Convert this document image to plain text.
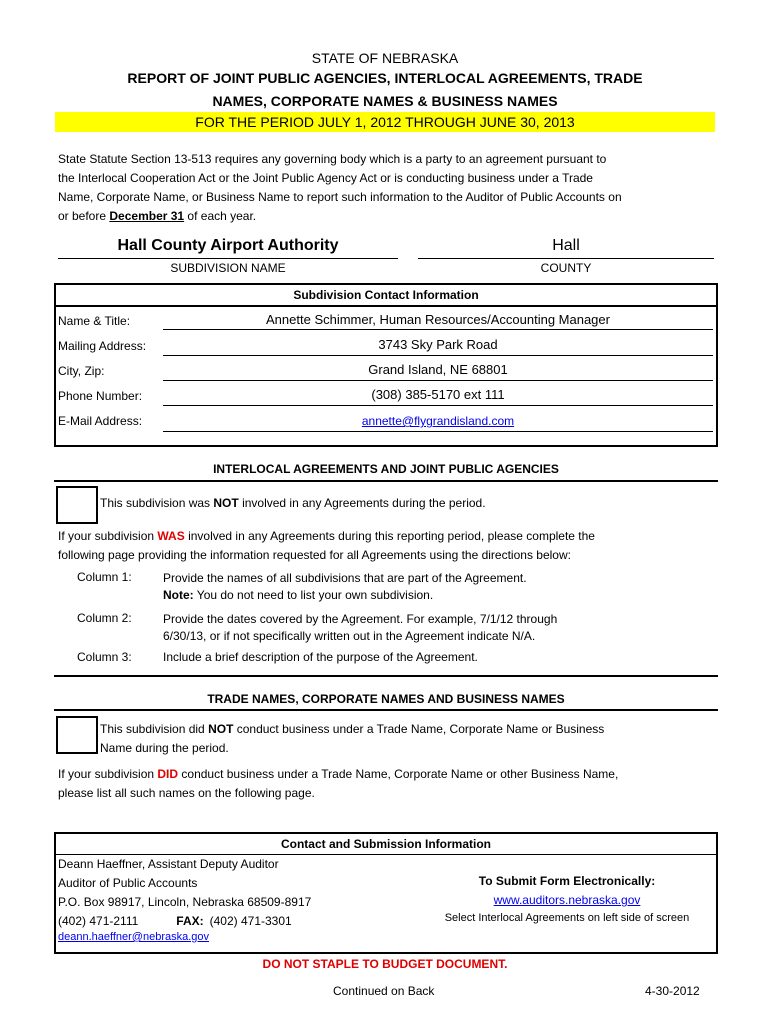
STATE OF NEBRASKA
REPORT OF JOINT PUBLIC AGENCIES, INTERLOCAL AGREEMENTS, TRADE
NAMES, CORPORATE NAMES & BUSINESS NAMES
FOR THE PERIOD JULY 1, 2012 THROUGH JUNE 30, 2013
State Statute Section 13-513 requires any governing body which is a party to an agreement pursuant to
the Interlocal Cooperation Act or the Joint Public Agency Act or is conducting business under a Trade
Name, Corporate Name, or Business Name to report such information to the Auditor of Public Accounts on
or before December 31 of each year.
Hall County Airport Authority
SUBDIVISION NAME
Hall
COUNTY
Subdivision Contact Information
Name & Title:	Annette Schimmer, Human Resources/Accounting Manager
Mailing Address:	3743 Sky Park Road
City, Zip:	Grand Island, NE 68801
Phone Number:	(308) 385-5170 ext 111
E-Mail Address:	annette@flygrandisland.com
INTERLOCAL AGREEMENTS AND JOINT PUBLIC AGENCIES
This subdivision was NOT involved in any Agreements during the period.
If your subdivision WAS involved in any Agreements during this reporting period, please complete the
following page providing the information requested for all Agreements using the directions below:
Column 1:	Provide the names of all subdivisions that are part of the Agreement.
Note: You do not need to list your own subdivision.
Column 2:	Provide the dates covered by the Agreement. For example, 7/1/12 through
6/30/13, or if not specifically written out in the Agreement indicate N/A.
Column 3:	Include a brief description of the purpose of the Agreement.
TRADE NAMES, CORPORATE NAMES AND BUSINESS NAMES
This subdivision did NOT conduct business under a Trade Name, Corporate Name or Business
Name during the period.
If your subdivision DID conduct business under a Trade Name, Corporate Name or other Business Name,
please list all such names on the following page.
Contact and Submission Information
Deann Haeffner, Assistant Deputy Auditor
Auditor of Public Accounts
P.O. Box 98917, Lincoln, Nebraska 68509-8917
(402) 471-2111	FAX: (402) 471-3301
deann.haeffner@nebraska.gov
To Submit Form Electronically:
www.auditors.nebraska.gov
Select Interlocal Agreements on left side of screen
DO NOT STAPLE TO BUDGET DOCUMENT.
Continued on Back	4-30-2012
